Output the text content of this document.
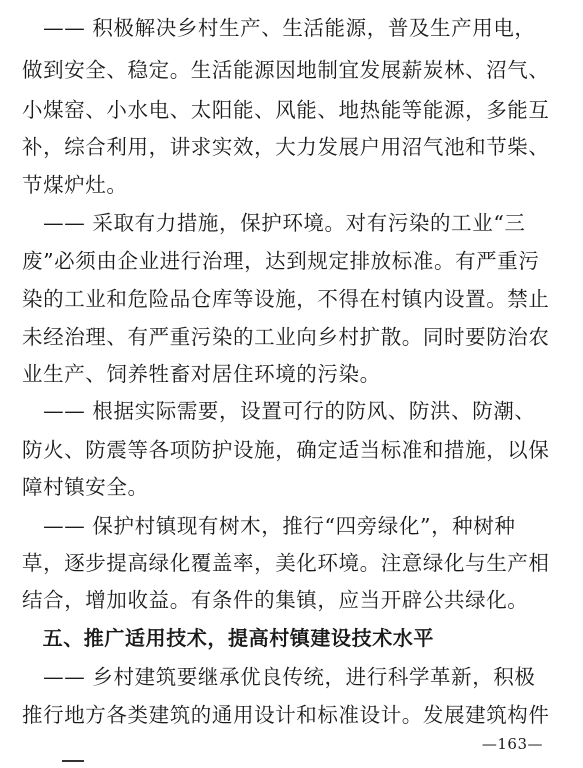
　—— 积极解决乡村生产、生活能源，普及生产用电，
做到安全、稳定。生活能源因地制宜发展薪炭林、沼气、
小煤窑、小水电、太阳能、风能、地热能等能源，多能互
补，综合利用，讲求实效，大力发展户用沼气池和节柴、
节煤炉灶。
　—— 采取有力措施，保护环境。对有污染的工业“三
废”必须由企业进行治理，达到规定排放标准。有严重污
染的工业和危险品仓库等设施，不得在村镇内设置。禁止
未经治理、有严重污染的工业向乡村扩散。同时要防治农
业生产、饲养牲畜对居住环境的污染。
　—— 根据实际需要，设置可行的防风、防洪、防潮、
防火、防震等各项防护设施，确定适当标准和措施，以保
障村镇安全。
　—— 保护村镇现有树木，推行“四旁绿化”，种树种
草，逐步提高绿化覆盖率，美化环境。注意绿化与生产相
结合，增加收益。有条件的集镇，应当开辟公共绿化。
　五、推广适用技术，提高村镇建设技术水平
　—— 乡村建筑要继承优良传统，进行科学革新，积极
推行地方各类建筑的通用设计和标准设计。发展建筑构件
—163—
